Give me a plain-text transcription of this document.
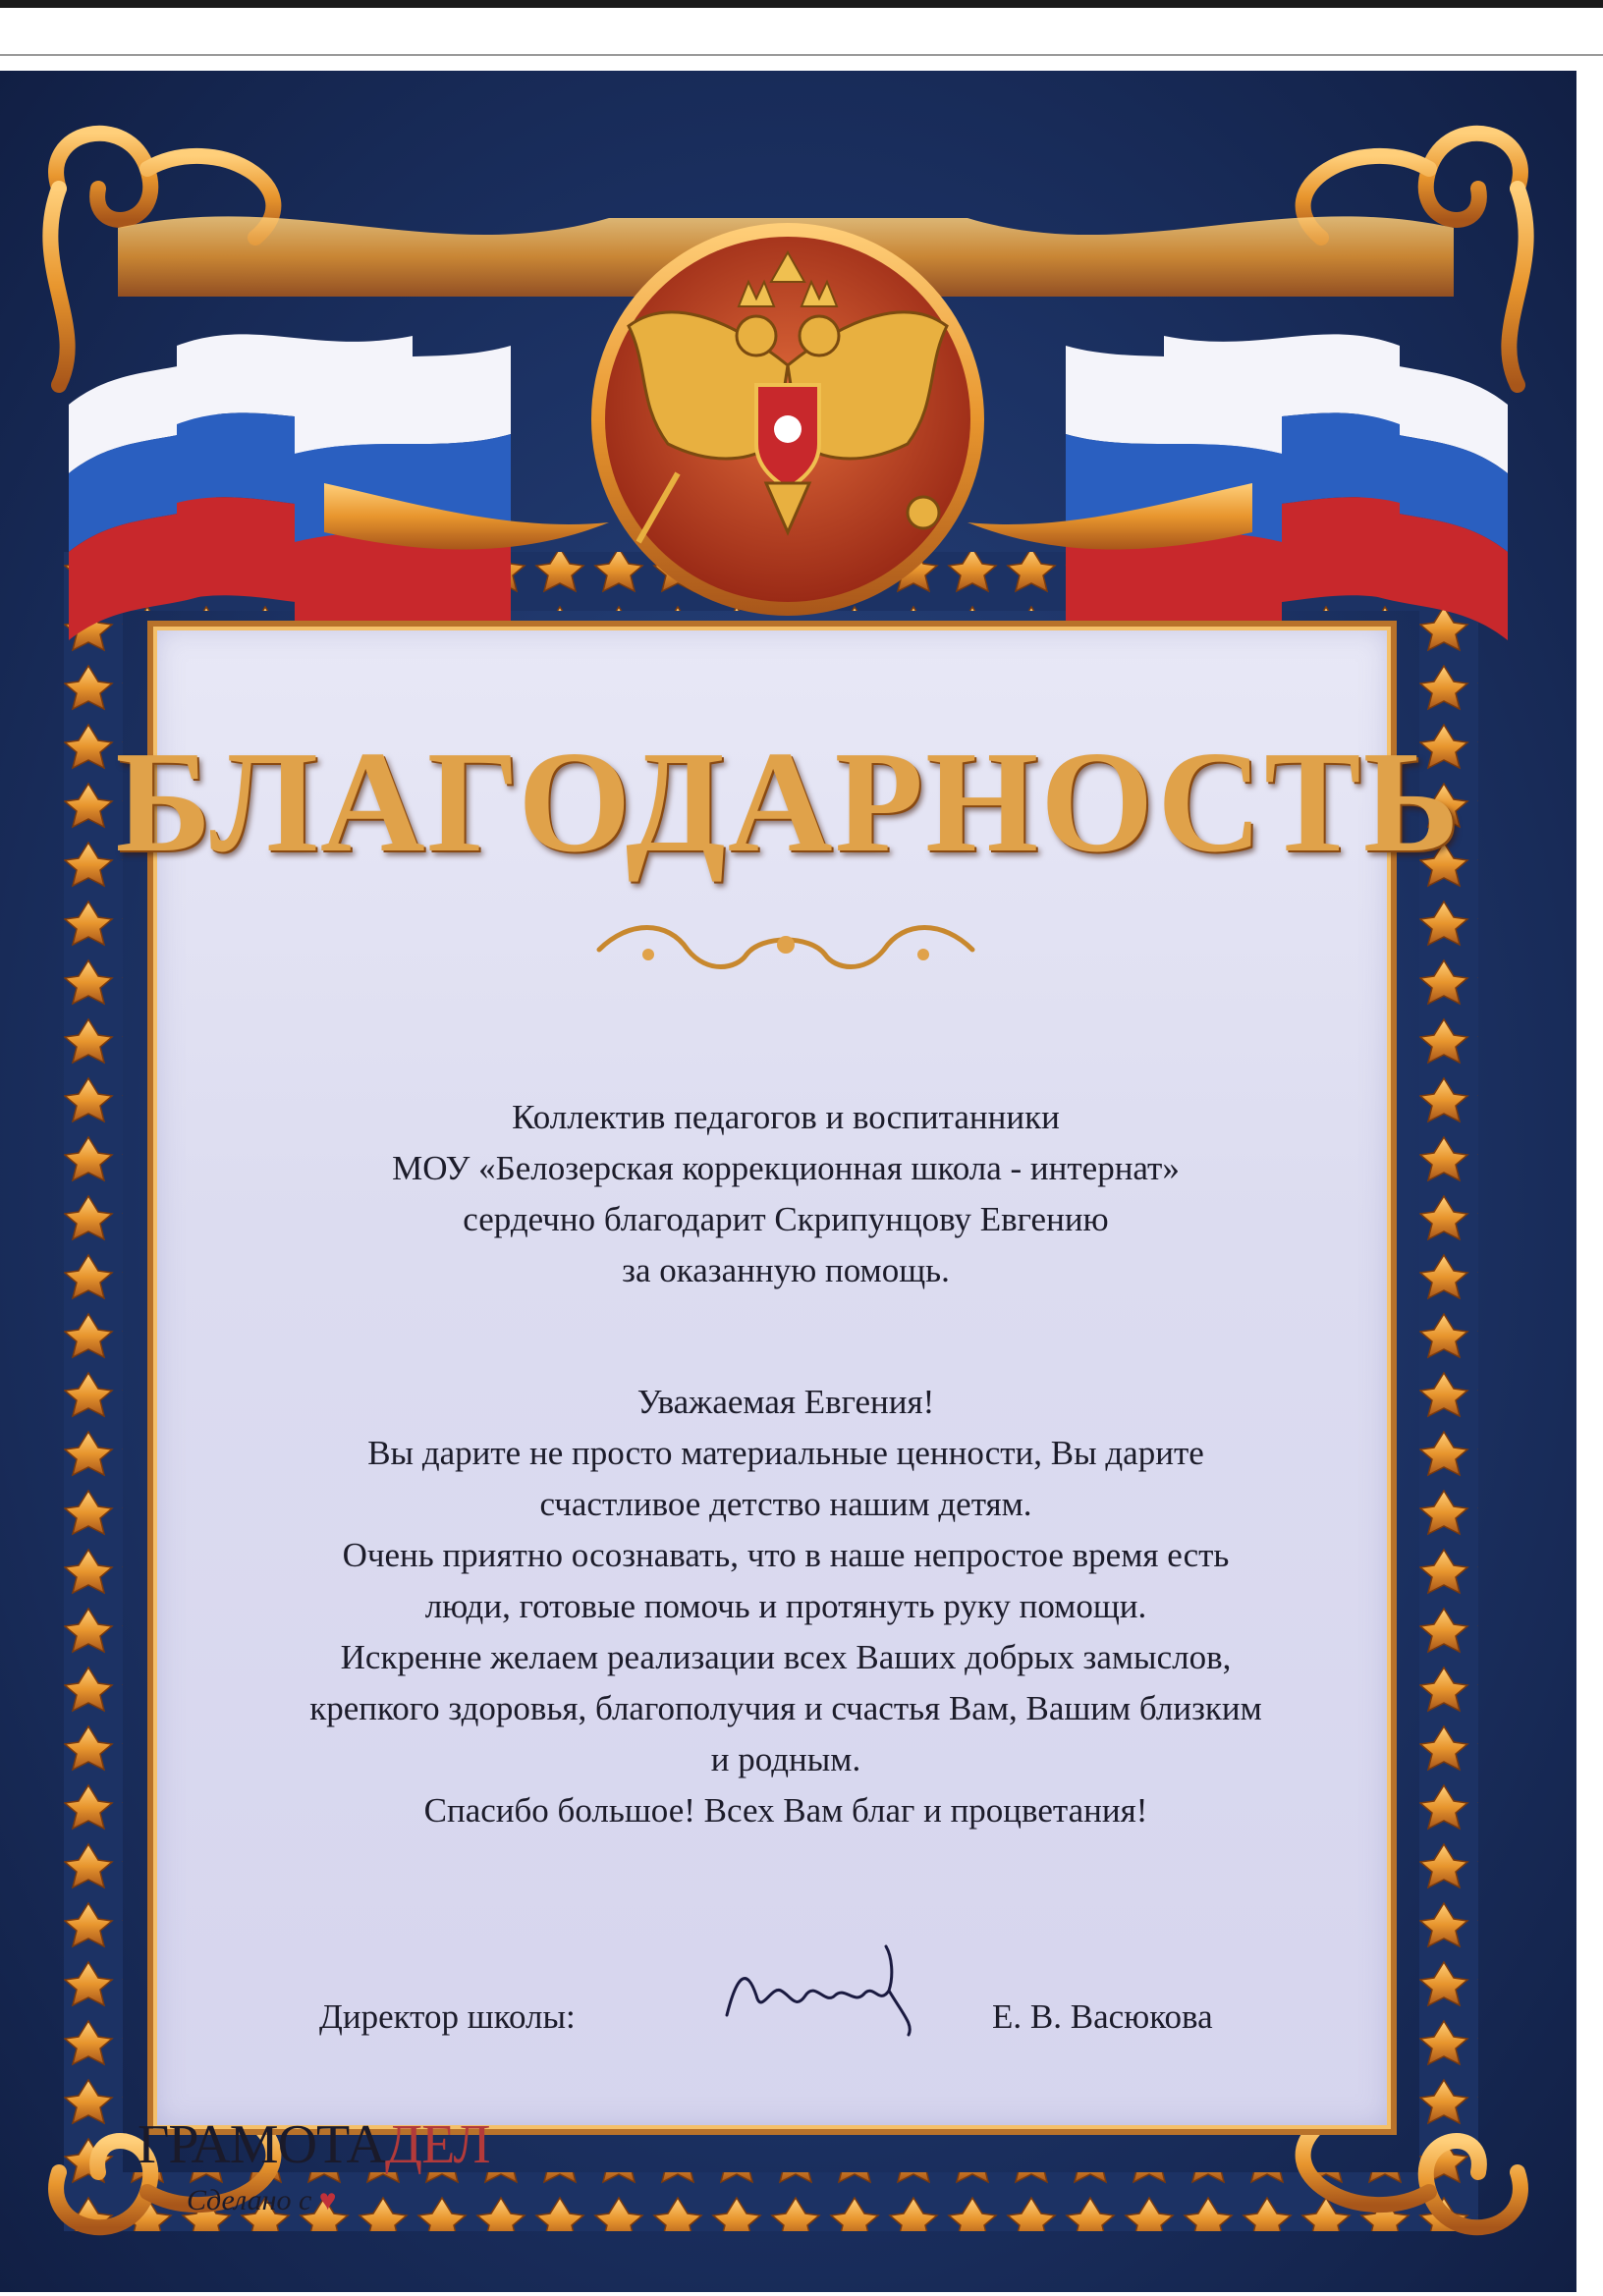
БЛАГОДАРНОСТЬ
Коллектив педагогов и воспитанники
МОУ «Белозерская коррекционная школа - интернат»
сердечно благодарит Скрипунцову Евгению
за оказанную помощь.
Уважаемая Евгения!
Вы дарите не просто материальные ценности, Вы дарите
счастливое детство нашим детям.
Очень приятно осознавать, что в наше непростое время есть
люди, готовые помочь и протянуть руку помощи.
Искренне желаем реализации всех Ваших добрых замыслов,
крепкого здоровья, благополучия и счастья Вам, Вашим близким
и родным.
Спасибо большое! Всех Вам благ и процветания!
Директор школы:	Е. В. Васюкова
ГРАМОТАДЕЛ
Сделано с ♥
